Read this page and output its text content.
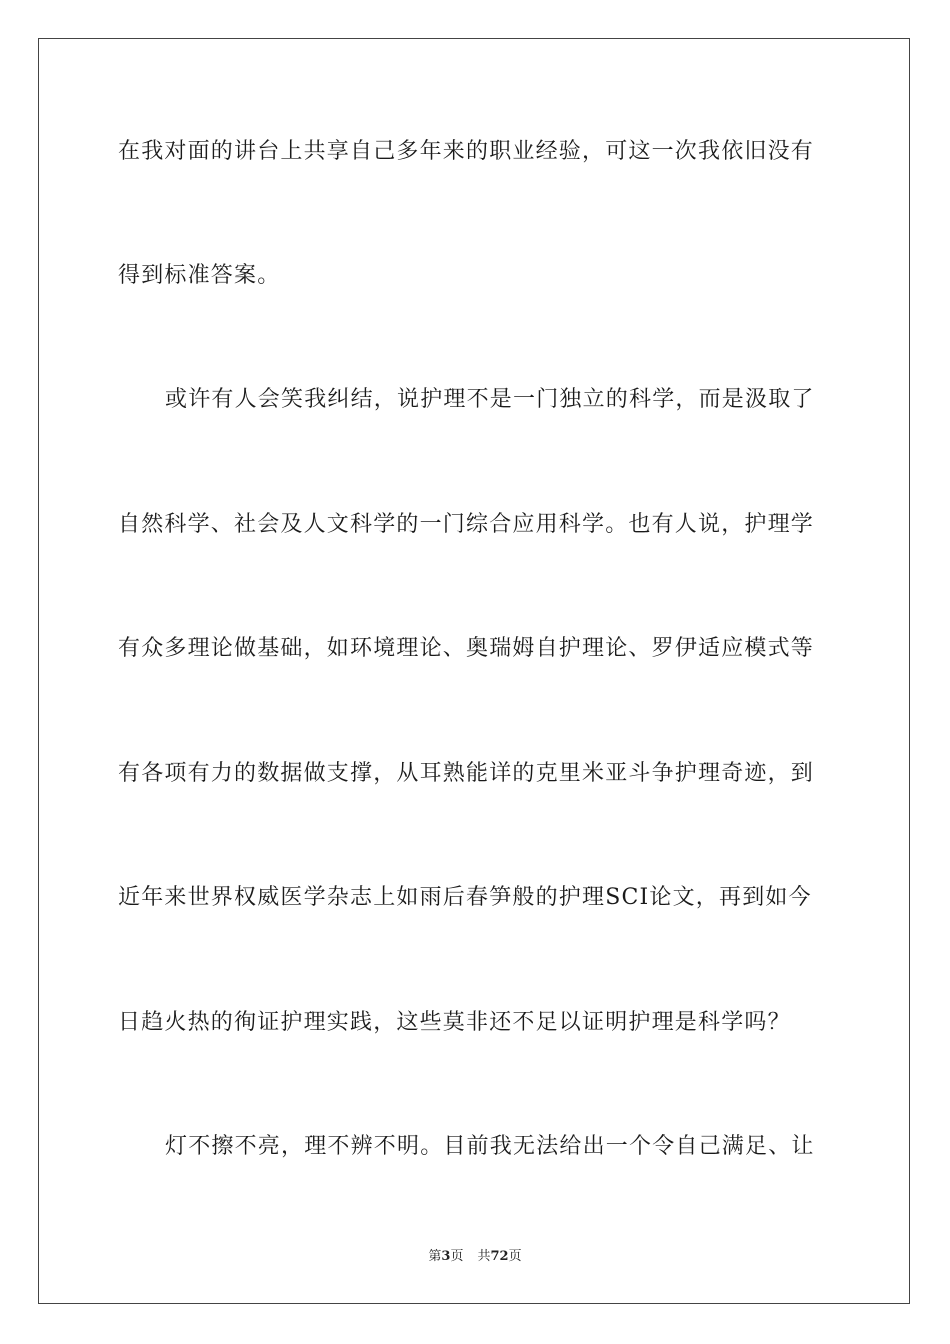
在我对面的讲台上共享自己多年来的职业经验，可这一次我依旧没有
得到标准答案。
或许有人会笑我纠结，说护理不是一门独立的科学，而是汲取了
自然科学、社会及人文科学的一门综合应用科学。也有人说，护理学
有众多理论做基础，如环境理论、奥瑞姆自护理论、罗伊适应模式等
有各项有力的数据做支撑，从耳熟能详的克里米亚斗争护理奇迹，到
近年来世界权威医学杂志上如雨后春笋般的护理SCI论文，再到如今
日趋火热的徇证护理实践，这些莫非还不足以证明护理是科学吗？
灯不擦不亮，理不辨不明。目前我无法给出一个令自己满足、让
第3页 共72页
